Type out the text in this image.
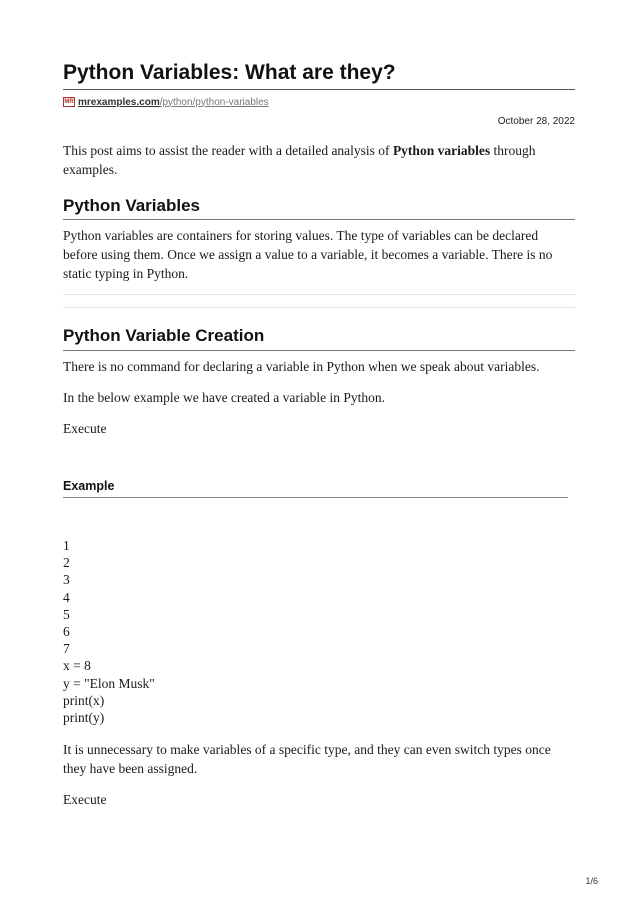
Python Variables: What are they?
MR mrexamples.com /python/python-variables
October 28, 2022

This post aims to assist the reader with a detailed analysis of Python variables through examples.

Python Variables

Python variables are containers for storing values. The type of variables can be declared before using them. Once we assign a value to a variable, it becomes a variable. There is no static typing in Python.

Python Variable Creation

There is no command for declaring a variable in Python when we speak about variables.

In the below example we have created a variable in Python.

Execute

Example
1
2
3
4
5
6
7
x = 8
y = "Elon Musk"
print(x)
print(y)

It is unnecessary to make variables of a specific type, and they can even switch types once they have been assigned.

Execute

1/6
